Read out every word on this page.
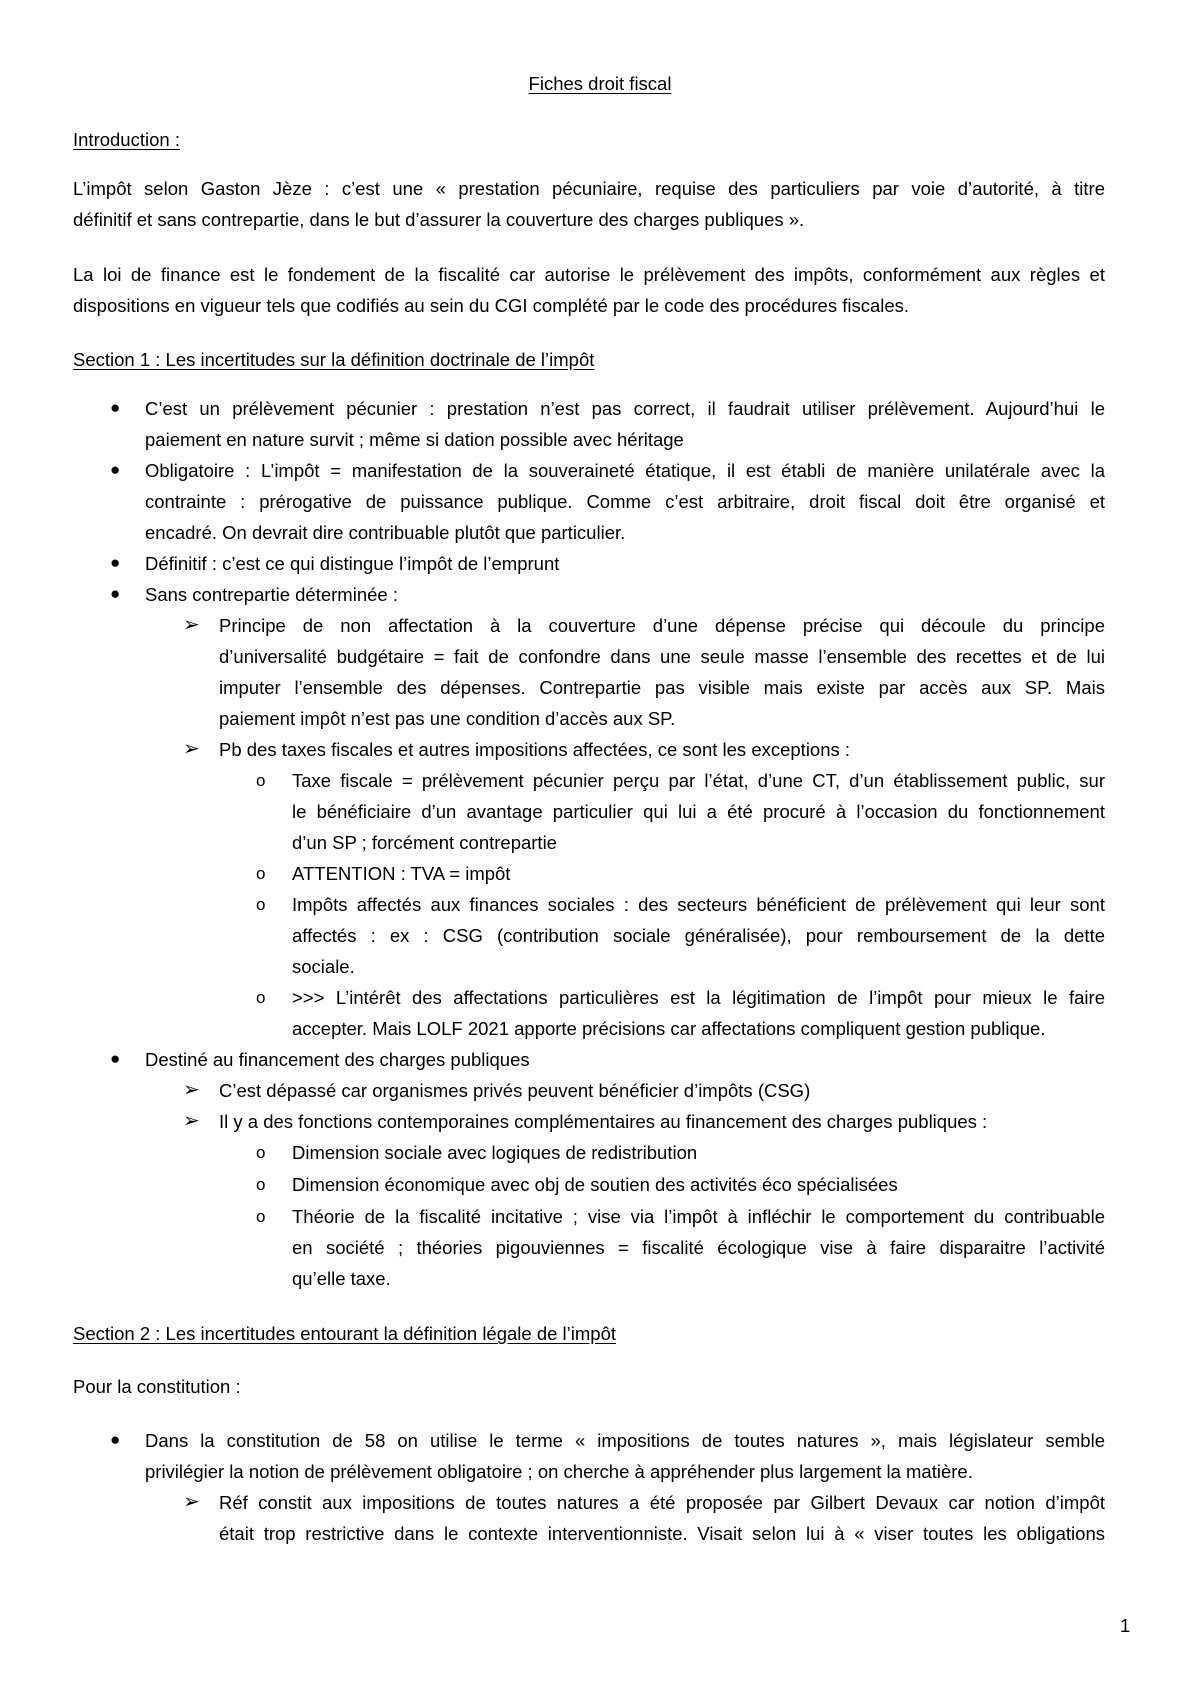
Fiches droit fiscal
Introduction :
L’impôt selon Gaston Jèze : c’est une « prestation pécuniaire, requise des particuliers par voie d’autorité, à titre
définitif et sans contrepartie, dans le but d’assurer la couverture des charges publiques ».
La loi de finance est le fondement de la fiscalité car autorise le prélèvement des impôts, conformément aux règles et
dispositions en vigueur tels que codifiés au sein du CGI complété par le code des procédures fiscales.
Section 1 : Les incertitudes sur la définition doctrinale de l’impôt
● C’est un prélèvement pécunier : prestation n’est pas correct, il faudrait utiliser prélèvement. Aujourd’hui le
paiement en nature survit ; même si dation possible avec héritage
● Obligatoire : L’impôt = manifestation de la souveraineté étatique, il est établi de manière unilatérale avec la
contrainte : prérogative de puissance publique. Comme c’est arbitraire, droit fiscal doit être organisé et
encadré. On devrait dire contribuable plutôt que particulier.
● Définitif : c’est ce qui distingue l’impôt de l’emprunt
● Sans contrepartie déterminée :
➢ Principe de non affectation à la couverture d’une dépense précise qui découle du principe
d’universalité budgétaire = fait de confondre dans une seule masse l’ensemble des recettes et de lui
imputer l’ensemble des dépenses. Contrepartie pas visible mais existe par accès aux SP. Mais
paiement impôt n’est pas une condition d’accès aux SP.
➢ Pb des taxes fiscales et autres impositions affectées, ce sont les exceptions :
o Taxe fiscale = prélèvement pécunier perçu par l’état, d’une CT, d’un établissement public, sur
le bénéficiaire d’un avantage particulier qui lui a été procuré à l’occasion du fonctionnement
d’un SP ; forcément contrepartie
o ATTENTION : TVA = impôt
o Impôts affectés aux finances sociales : des secteurs bénéficient de prélèvement qui leur sont
affectés : ex : CSG (contribution sociale généralisée), pour remboursement de la dette
sociale.
o >>> L’intérêt des affectations particulières est la légitimation de l’impôt pour mieux le faire
accepter. Mais LOLF 2021 apporte précisions car affectations compliquent gestion publique.
● Destiné au financement des charges publiques
➢ C’est dépassé car organismes privés peuvent bénéficier d’impôts (CSG)
➢ Il y a des fonctions contemporaines complémentaires au financement des charges publiques :
o Dimension sociale avec logiques de redistribution
o Dimension économique avec obj de soutien des activités éco spécialisées
o Théorie de la fiscalité incitative ; vise via l’impôt à infléchir le comportement du contribuable
en société ; théories pigouviennes = fiscalité écologique vise à faire disparaitre l’activité
qu’elle taxe.
Section 2 : Les incertitudes entourant la définition légale de l’impôt
Pour la constitution :
● Dans la constitution de 58 on utilise le terme « impositions de toutes natures », mais législateur semble
privilégier la notion de prélèvement obligatoire ; on cherche à appréhender plus largement la matière.
➢ Réf constit aux impositions de toutes natures a été proposée par Gilbert Devaux car notion d’impôt
était trop restrictive dans le contexte interventionniste. Visait selon lui à « viser toutes les obligations
1
